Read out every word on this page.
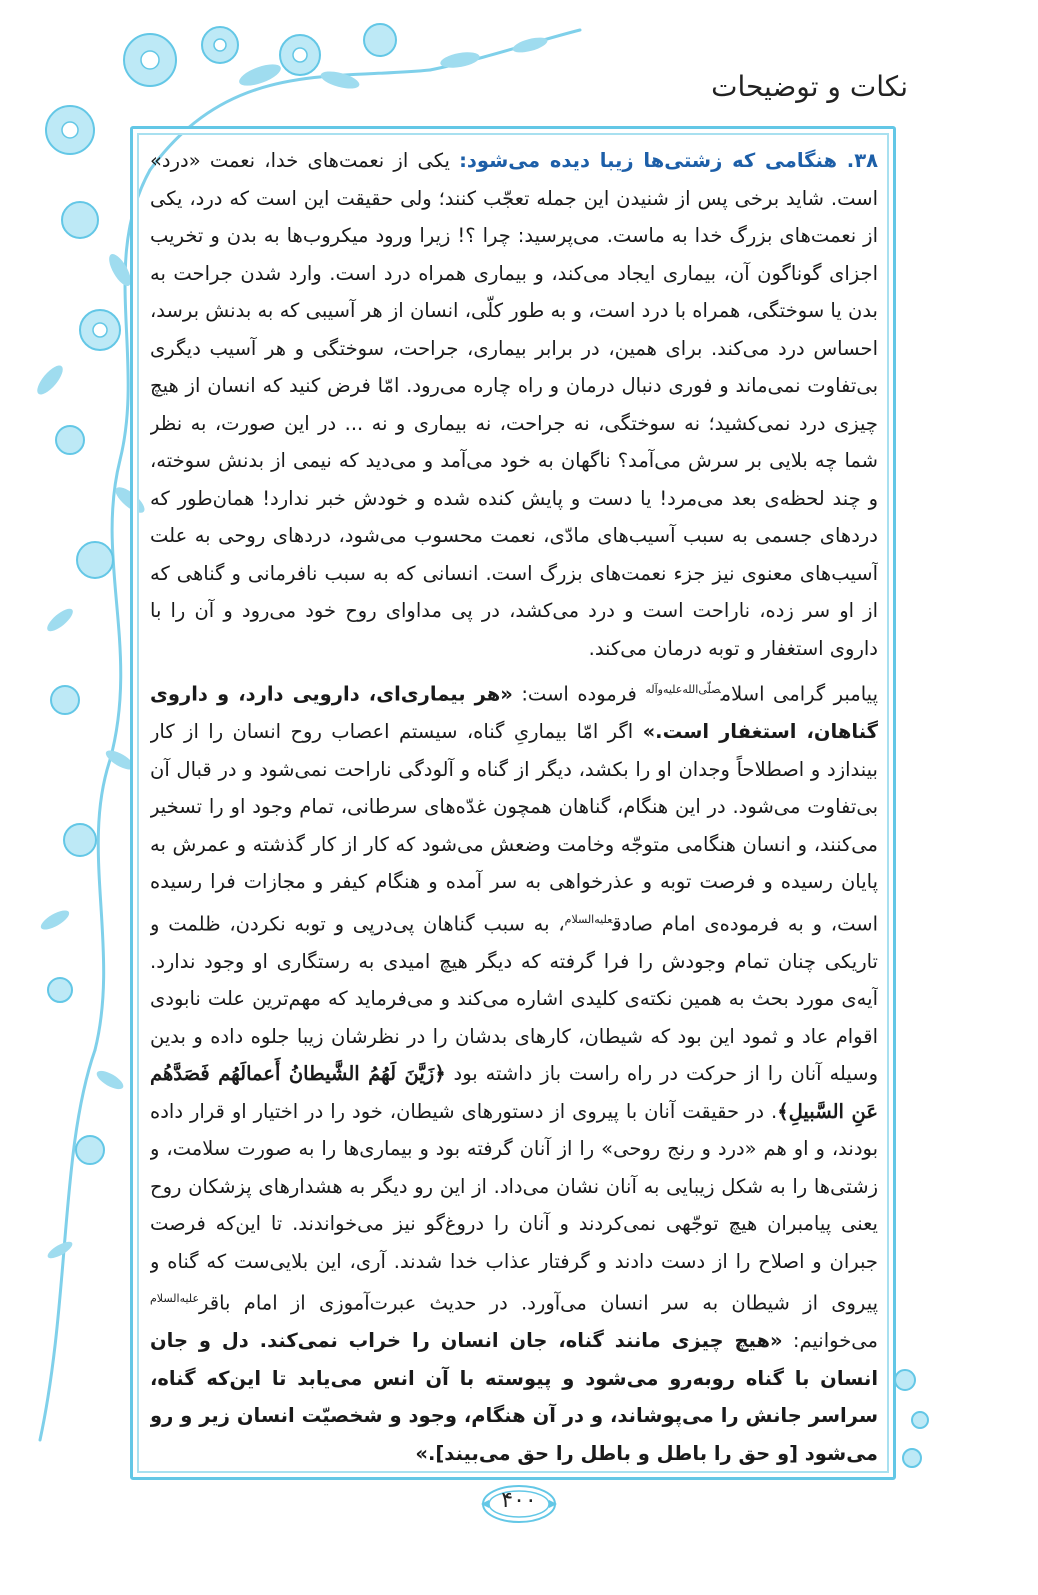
نکات و توضیحات

۳۸. هنگامی که زشتی‌ها زیبا دیده می‌شود: یکی از نعمت‌های خدا، نعمت «درد» است. شاید برخی پس از شنیدن این جمله تعجّب کنند؛ ولی حقیقت این است که درد، یکی از نعمت‌های بزرگ خدا به ماست. می‌پرسید: چرا ؟! زیرا ورود میکروب‌ها به بدن و تخریب اجزای گوناگون آن، بیماری ایجاد می‌کند، و بیماری همراه درد است. وارد شدن جراحت به بدن یا سوختگی، همراه با درد است، و به طور کلّی، انسان از هر آسیبی که به بدنش برسد، احساس درد می‌کند. برای همین، در برابر بیماری، جراحت، سوختگی و هر آسیب دیگری بی‌تفاوت نمی‌ماند و فوری دنبال درمان و راه چاره می‌رود. امّا فرض کنید که انسان از هیچ چیزی درد نمی‌کشید؛ نه سوختگی، نه جراحت، نه بیماری و نه ... در این صورت، به نظر شما چه بلایی بر سرش می‌آمد؟ ناگهان به خود می‌آمد و می‌دید که نیمی از بدنش سوخته، و چند لحظه‌ی بعد می‌مرد! یا دست و پایش کنده شده و خودش خبر ندارد! همان‌طور که دردهای جسمی به سبب آسیب‌های مادّی، نعمت محسوب می‌شود، دردهای روحی به علت آسیب‌های معنوی نیز جزء نعمت‌های بزرگ است. انسانی که به سبب نافرمانی و گناهی که از او سر زده، ناراحت است و درد می‌کشد، در پی مداوای روح خود می‌رود و آن را با داروی استغفار و توبه درمان می‌کند.

پیامبر گرامی اسلام$^{صلّی‌الله‌علیه‌وآله}$ فرموده است: «هر بیماری‌ای، دارویی دارد، و داروی گناهان، استغفار است.» اگر امّا بیماریِ گناه، سیستم اعصاب روح انسان را از کار بیندازد و اصطلاحاً وجدان او را بکشد، دیگر از گناه و آلودگی ناراحت نمی‌شود و در قبال آن بی‌تفاوت می‌شود. در این هنگام، گناهان همچون غدّه‌های سرطانی، تمام وجود او را تسخیر می‌کنند، و انسان هنگامی متوجّه وخامت وضعش می‌شود که کار از کار گذشته و عمرش به پایان رسیده و فرصت توبه و عذرخواهی به سر آمده و هنگام کیفر و مجازات فرا رسیده است، و به فرموده‌ی امام صادق$^{علیه‌السلام}$، به سبب گناهان پی‌درپی و توبه نکردن، ظلمت و تاریکی چنان تمام وجودش را فرا گرفته که دیگر هیچ امیدی به رستگاری او وجود ندارد. آیه‌ی مورد بحث به همین نکته‌ی کلیدی اشاره می‌کند و می‌فرماید که مهم‌ترین علت نابودی اقوام عاد و ثمود این بود که شیطان، کارهای بدشان را در نظرشان زیبا جلوه داده و بدین وسیله آنان را از حرکت در راه راست باز داشته بود ﴿زَيَّنَ لَهُمُ الشَّيطانُ أَعمالَهُم فَصَدَّهُم عَنِ السَّبيلِ﴾. در حقیقت آنان با پیروی از دستورهای شیطان، خود را در اختیار او قرار داده بودند، و او هم «درد و رنج روحی» را از آنان گرفته بود و بیماری‌ها را به صورت سلامت، و زشتی‌ها را به شکل زیبایی به آنان نشان می‌داد. از این رو دیگر به هشدارهای پزشکان روح یعنی پیامبران هیچ توجّهی نمی‌کردند و آنان را دروغ‌گو نیز می‌خواندند. تا این‌که فرصت جبران و اصلاح را از دست دادند و گرفتار عذاب خدا شدند. آری، این بلایی‌ست که گناه و پیروی از شیطان به سر انسان می‌آورد. در حدیث عبرت‌آموزی از امام باقر$^{علیه‌السلام}$ می‌خوانیم: «هیچ چیزی مانند گناه، جان انسان را خراب نمی‌کند. دل و جان انسان با گناه روبه‌رو می‌شود و پیوسته با آن انس می‌یابد تا این‌که گناه، سراسر جانش را می‌پوشاند، و در آن هنگام، وجود و شخصیّت انسان زیر و رو می‌شود [و حق را باطل و باطل را حق می‌بیند].»

۴۰۰
